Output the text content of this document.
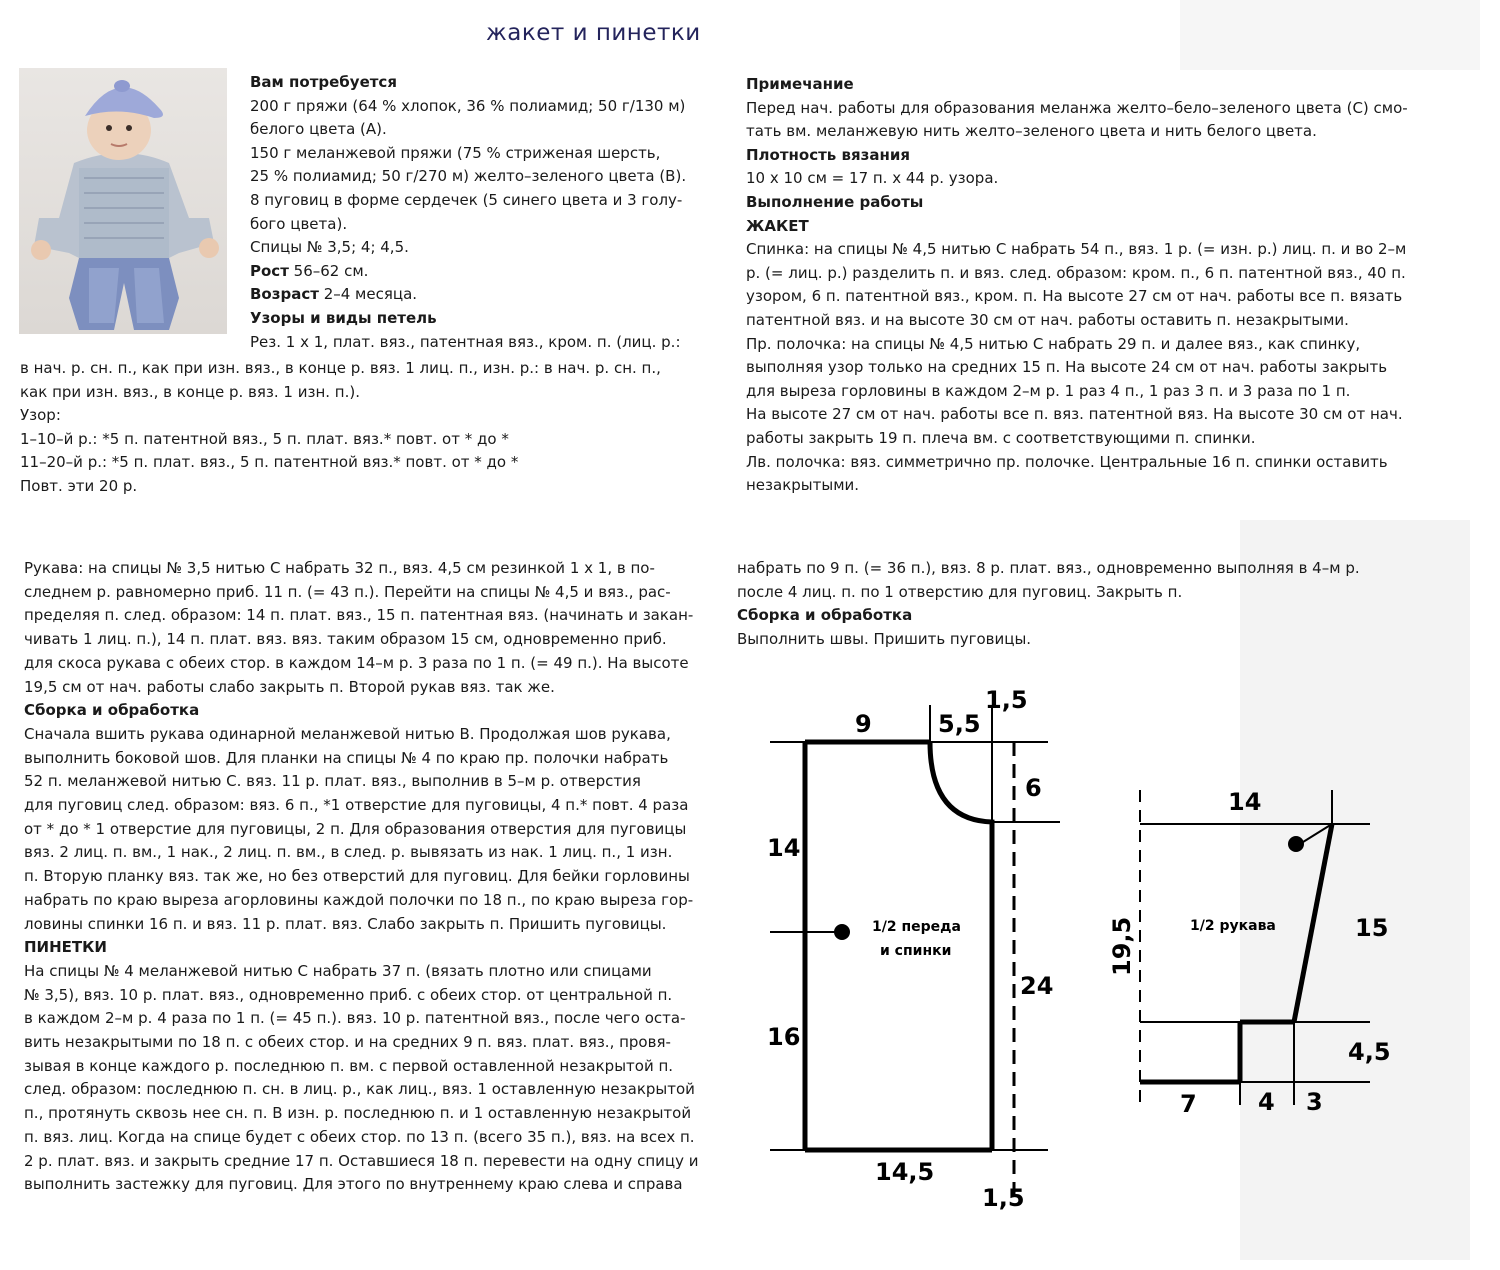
жакет и пинетки

Вам потребуется

200 г пряжи (64 % хлопок, 36 % полиамид; 50 г/130 м)

белого цвета (А).

150 г меланжевой пряжи (75 % стриженая шерсть,

25 % полиамид; 50 г/270 м) желто–зеленого цвета (В).

8 пуговиц в форме сердечек (5 синего цвета и 3 голу-

бого цвета).

Спицы № 3,5; 4; 4,5.

Рост 56–62 см.

Возраст 2–4 месяца.

Узоры и виды петель

Рез. 1 х 1, плат. вяз., патентная вяз., кром. п. (лиц. р.:

в нач. р. сн. п., как при изн. вяз., в конце р. вяз. 1 лиц. п., изн. р.: в нач. р. сн. п.,

как при изн. вяз., в конце р. вяз. 1 изн. п.).

Узор:

1–10–й р.: *5 п. патентной вяз., 5 п. плат. вяз.* повт. от * до *

11–20–й р.: *5 п. плат. вяз., 5 п. патентной вяз.* повт. от * до *

Повт. эти 20 р.

Примечание

Перед нач. работы для образования меланжа желто–бело–зеленого цвета (С) смо-

тать вм. меланжевую нить желто–зеленого цвета и нить белого цвета.

Плотность вязания

10 х 10 см = 17 п. х 44 р. узора.

Выполнение работы

ЖАКЕТ

Спинка: на спицы № 4,5 нитью С набрать 54 п., вяз. 1 р. (= изн. р.) лиц. п. и во 2–м

р. (= лиц. р.) разделить п. и вяз. след. образом: кром. п., 6 п. патентной вяз., 40 п.

узором, 6 п. патентной вяз., кром. п. На высоте 27 см от нач. работы все п. вязать

патентной вяз. и на высоте 30 см от нач. работы оставить п. незакрытыми.

Пр. полочка: на спицы № 4,5 нитью С набрать 29 п. и далее вяз., как спинку,

выполняя узор только на средних 15 п. На высоте 24 см от нач. работы закрыть

для выреза горловины в каждом 2–м р. 1 раз 4 п., 1 раз 3 п. и 3 раза по 1 п.

На высоте 27 см от нач. работы все п. вяз. патентной вяз. На высоте 30 см от нач.

работы закрыть 19 п. плеча вм. с соответствующими п. спинки.

Лв. полочка: вяз. симметрично пр. полочке. Центральные 16 п. спинки оставить

незакрытыми.

Рукава: на спицы № 3,5 нитью С набрать 32 п., вяз. 4,5 см резинкой 1 х 1, в по-

следнем р. равномерно приб. 11 п. (= 43 п.). Перейти на спицы № 4,5 и вяз., рас-

пределяя п. след. образом: 14 п. плат. вяз., 15 п. патентная вяз. (начинать и закан-

чивать 1 лиц. п.), 14 п. плат. вяз. вяз. таким образом 15 см, одновременно приб.

для скоса рукава с обеих стор. в каждом 14–м р. 3 раза по 1 п. (= 49 п.). На высоте

19,5 см от нач. работы слабо закрыть п. Второй рукав вяз. так же.

Сборка и обработка

Сначала вшить рукава одинарной меланжевой нитью В. Продолжая шов рукава,

выполнить боковой шов. Для планки на спицы № 4 по краю пр. полочки набрать

52 п. меланжевой нитью С. вяз. 11 р. плат. вяз., выполнив в 5–м р. отверстия

для пуговиц след. образом: вяз. 6 п., *1 отверстие для пуговицы, 4 п.* повт. 4 раза

от * до * 1 отверстие для пуговицы, 2 п. Для образования отверстия для пуговицы

вяз. 2 лиц. п. вм., 1 нак., 2 лиц. п. вм., в след. р. вывязать из нак. 1 лиц. п., 1 изн.

п. Вторую планку вяз. так же, но без отверстий для пуговиц. Для бейки горловины

набрать по краю выреза агорловины каждой полочки по 18 п., по краю выреза гор-

ловины спинки 16 п. и вяз. 11 р. плат. вяз. Слабо закрыть п. Пришить пуговицы.

ПИНЕТКИ

На спицы № 4 меланжевой нитью С набрать 37 п. (вязать плотно или спицами

№ 3,5), вяз. 10 р. плат. вяз., одновременно приб. с обеих стор. от центральной п.

в каждом 2–м р. 4 раза по 1 п. (= 45 п.). вяз. 10 р. патентной вяз., после чего оста-

вить незакрытыми по 18 п. с обеих стор. и на средних 9 п. вяз. плат. вяз., провя-

зывая в конце каждого р. последнюю п. вм. с первой оставленной незакрытой п.

след. образом: последнюю п. сн. в лиц. р., как лиц., вяз. 1 оставленную незакрытой

п., протянуть сквозь нее сн. п. В изн. р. последнюю п. и 1 оставленную незакрытой

п. вяз. лиц. Когда на спице будет с обеих стор. по 13 п. (всего 35 п.), вяз. на всех п.

2 р. плат. вяз. и закрыть средние 17 п. Оставшиеся 18 п. перевести на одну спицу и

выполнить застежку для пуговиц. Для этого по внутреннему краю слева и справа

набрать по 9 п. (= 36 п.), вяз. 8 р. плат. вяз., одновременно выполняя в 4–м р.

после 4 лиц. п. по 1 отверстию для пуговиц. Закрыть п.

Сборка и обработка

Выполнить швы. Пришить пуговицы.

9	5,5
1,5
6
14
16
24
14,5
1,5
1/2 переда
и спинки
14
15
19,5
4,5
7	4 3
1/2 рукава
